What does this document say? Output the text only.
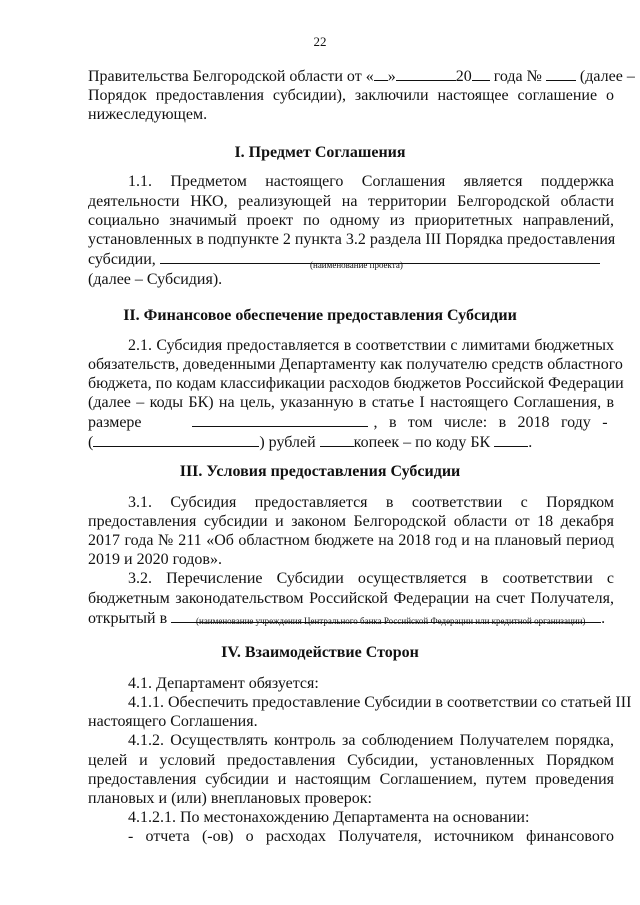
22
Правительства Белгородской области от « »	20 года № (далее –
Порядок предоставления субсидии), заключили настоящее соглашение о
нижеследующем.
I. Предмет Соглашения
1.1. Предметом настоящего Соглашения является поддержка
деятельности НКО, реализующей на территории Белгородской области
социально значимый проект по одному из приоритетных направлений,
установленных в подпункте 2 пункта 3.2 раздела III Порядка предоставления
субсидии,	(наименование проекта)
(далее – Субсидия).
II. Финансовое обеспечение предоставления Субсидии
2.1. Субсидия предоставляется в соответствии с лимитами бюджетных
обязательств, доведенными Департаменту как получателю средств областного
бюджета, по кодам классификации расходов бюджетов Российской Федерации
(далее – коды БК) на цель, указанную в статье I настоящего Соглашения, в
размере	, в том числе: в 2018 году -
(	) рублей копеек – по коду БК .
III. Условия предоставления Субсидии
3.1. Субсидия предоставляется в соответствии с Порядком
предоставления субсидии и законом Белгородской области от 18 декабря
2017 года № 211 «Об областном бюджете на 2018 год и на плановый период
2019 и 2020 годов».
3.2. Перечисление Субсидии осуществляется в соответствии с
бюджетным законодательством Российской Федерации на счет Получателя,
открытый в	.
(наименование учреждения Центрального банка Российской Федерации или кредитной организации)
IV. Взаимодействие Сторон
4.1. Департамент обязуется:
4.1.1. Обеспечить предоставление Субсидии в соответствии со статьей III
настоящего Соглашения.
4.1.2. Осуществлять контроль за соблюдением Получателем порядка,
целей и условий предоставления Субсидии, установленных Порядком
предоставления субсидии и настоящим Соглашением, путем проведения
плановых и (или) внеплановых проверок:
4.1.2.1. По местонахождению Департамента на основании:
- отчета (-ов) о расходах Получателя, источником финансового
